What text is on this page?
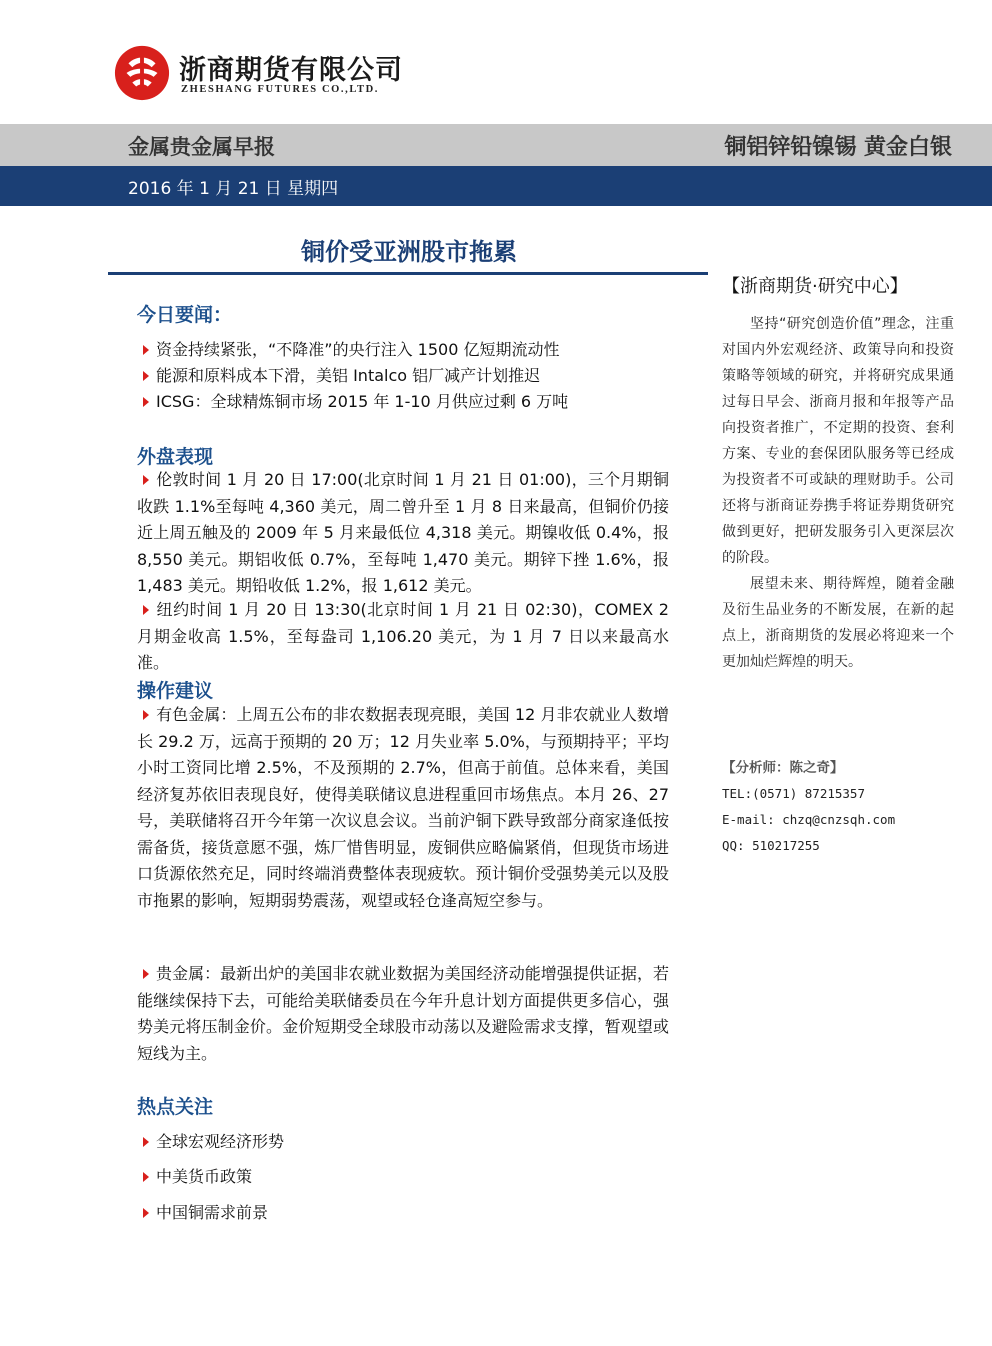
浙商期货有限公司
ZHESHANG FUTURES CO.,LTD.
金属贵金属早报	铜铝锌铅镍锡 黄金白银
2016 年 1 月 21 日 星期四
铜价受亚洲股市拖累
今日要闻：
资金持续紧张，“不降准”的央行注入 1500 亿短期流动性
能源和原料成本下滑，美铝 Intalco 铝厂减产计划推迟
ICSG：全球精炼铜市场 2015 年 1-10 月供应过剩 6 万吨
外盘表现
伦敦时间 1 月 20 日 17:00(北京时间 1 月 21 日 01:00)，三个月期铜收跌 1.1%至每吨 4,360 美元，周二曾升至 1 月 8 日来最高，但铜价仍接近上周五触及的 2009 年 5 月来最低位 4,318 美元。期镍收低 0.4%，报 8,550 美元。期铝收低 0.7%，至每吨 1,470 美元。期锌下挫 1.6%，报 1,483 美元。期铅收低 1.2%，报 1,612 美元。
纽约时间 1 月 20 日 13:30(北京时间 1 月 21 日 02:30)，COMEX 2 月期金收高 1.5%，至每盎司 1,106.20 美元，为 1 月 7 日以来最高水准。
操作建议
有色金属：上周五公布的非农数据表现亮眼，美国 12 月非农就业人数增长 29.2 万，远高于预期的 20 万；12 月失业率 5.0%，与预期持平；平均小时工资同比增 2.5%，不及预期的 2.7%，但高于前值。总体来看，美国经济复苏依旧表现良好，使得美联储议息进程重回市场焦点。本月 26、27 号，美联储将召开今年第一次议息会议。当前沪铜下跌导致部分商家逢低按需备货，接货意愿不强，炼厂惜售明显，废铜供应略偏紧俏，但现货市场进口货源依然充足，同时终端消费整体表现疲软。预计铜价受强势美元以及股市拖累的影响，短期弱势震荡，观望或轻仓逢高短空参与。
贵金属：最新出炉的美国非农就业数据为美国经济动能增强提供证据，若能继续保持下去，可能给美联储委员在今年升息计划方面提供更多信心，强势美元将压制金价。金价短期受全球股市动荡以及避险需求支撑，暂观望或短线为主。
热点关注
全球宏观经济形势
中美货币政策
中国铜需求前景
【浙商期货·研究中心】
坚持“研究创造价值”理念，注重对国内外宏观经济、政策导向和投资策略等领域的研究，并将研究成果通过每日早会、浙商月报和年报等产品向投资者推广，不定期的投资、套利方案、专业的套保团队服务等已经成为投资者不可或缺的理财助手。公司还将与浙商证券携手将证券期货研究做到更好，把研发服务引入更深层次的阶段。
展望未来、期待辉煌，随着金融及衍生品业务的不断发展，在新的起点上，浙商期货的发展必将迎来一个更加灿烂辉煌的明天。
【分析师：陈之奇】
TEL:(0571) 87215357
E-mail: chzq@cnzsqh.com
QQ: 510217255
